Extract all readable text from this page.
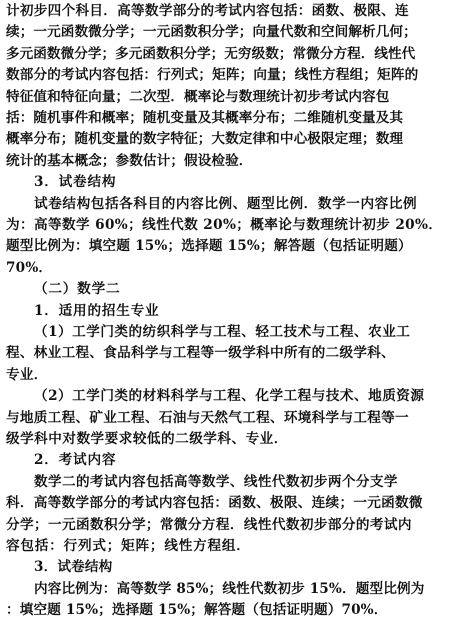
计初步四个科目．高等数学部分的考试内容包括：函数、极限、连
续；一元函数微分学；一元函数积分学；向量代数和空间解析几何；
多元函数微分学；多元函数积分学；无穷级数；常微分方程．线性代
数部分的考试内容包括：行列式；矩阵；向量；线性方程组；矩阵的
特征值和特征向量；二次型．概率论与数理统计初步考试内容包
括：随机事件和概率；随机变量及其概率分布；二维随机变量及其
概率分布；随机变量的数字特征；大数定律和中心极限定理；数理
统计的基本概念；参数估计；假设检验．
3．试卷结构
试卷结构包括各科目的内容比例、题型比例．数学一内容比例
为：高等数学 60%；线性代数 20%；概率论与数理统计初步 20%．
题型比例为：填空题 15%；选择题 15%；解答题（包括证明题）
70%．
（二）数学二
1．适用的招生专业
（1）工学门类的纺织科学与工程、轻工技术与工程、农业工
程、林业工程、食品科学与工程等一级学科中所有的二级学科、
专业．
（2）工学门类的材料科学与工程、化学工程与技术、地质资源
与地质工程、矿业工程、石油与天然气工程、环境科学与工程等一
级学科中对数学要求较低的二级学科、专业．
2．考试内容
数学二的考试内容包括高等数学、线性代数初步两个分支学
科．高等数学部分的考试内容包括：函数、极限、连续；一元函数微
分学；一元函数积分学；常微分方程．线性代数初步部分的考试内
容包括：行列式；矩阵；线性方程组．
3．试卷结构
内容比例为：高等数学 85%；线性代数初步 15%．题型比例为
：填空题 15%；选择题 15%；解答题（包括证明题）70%．
